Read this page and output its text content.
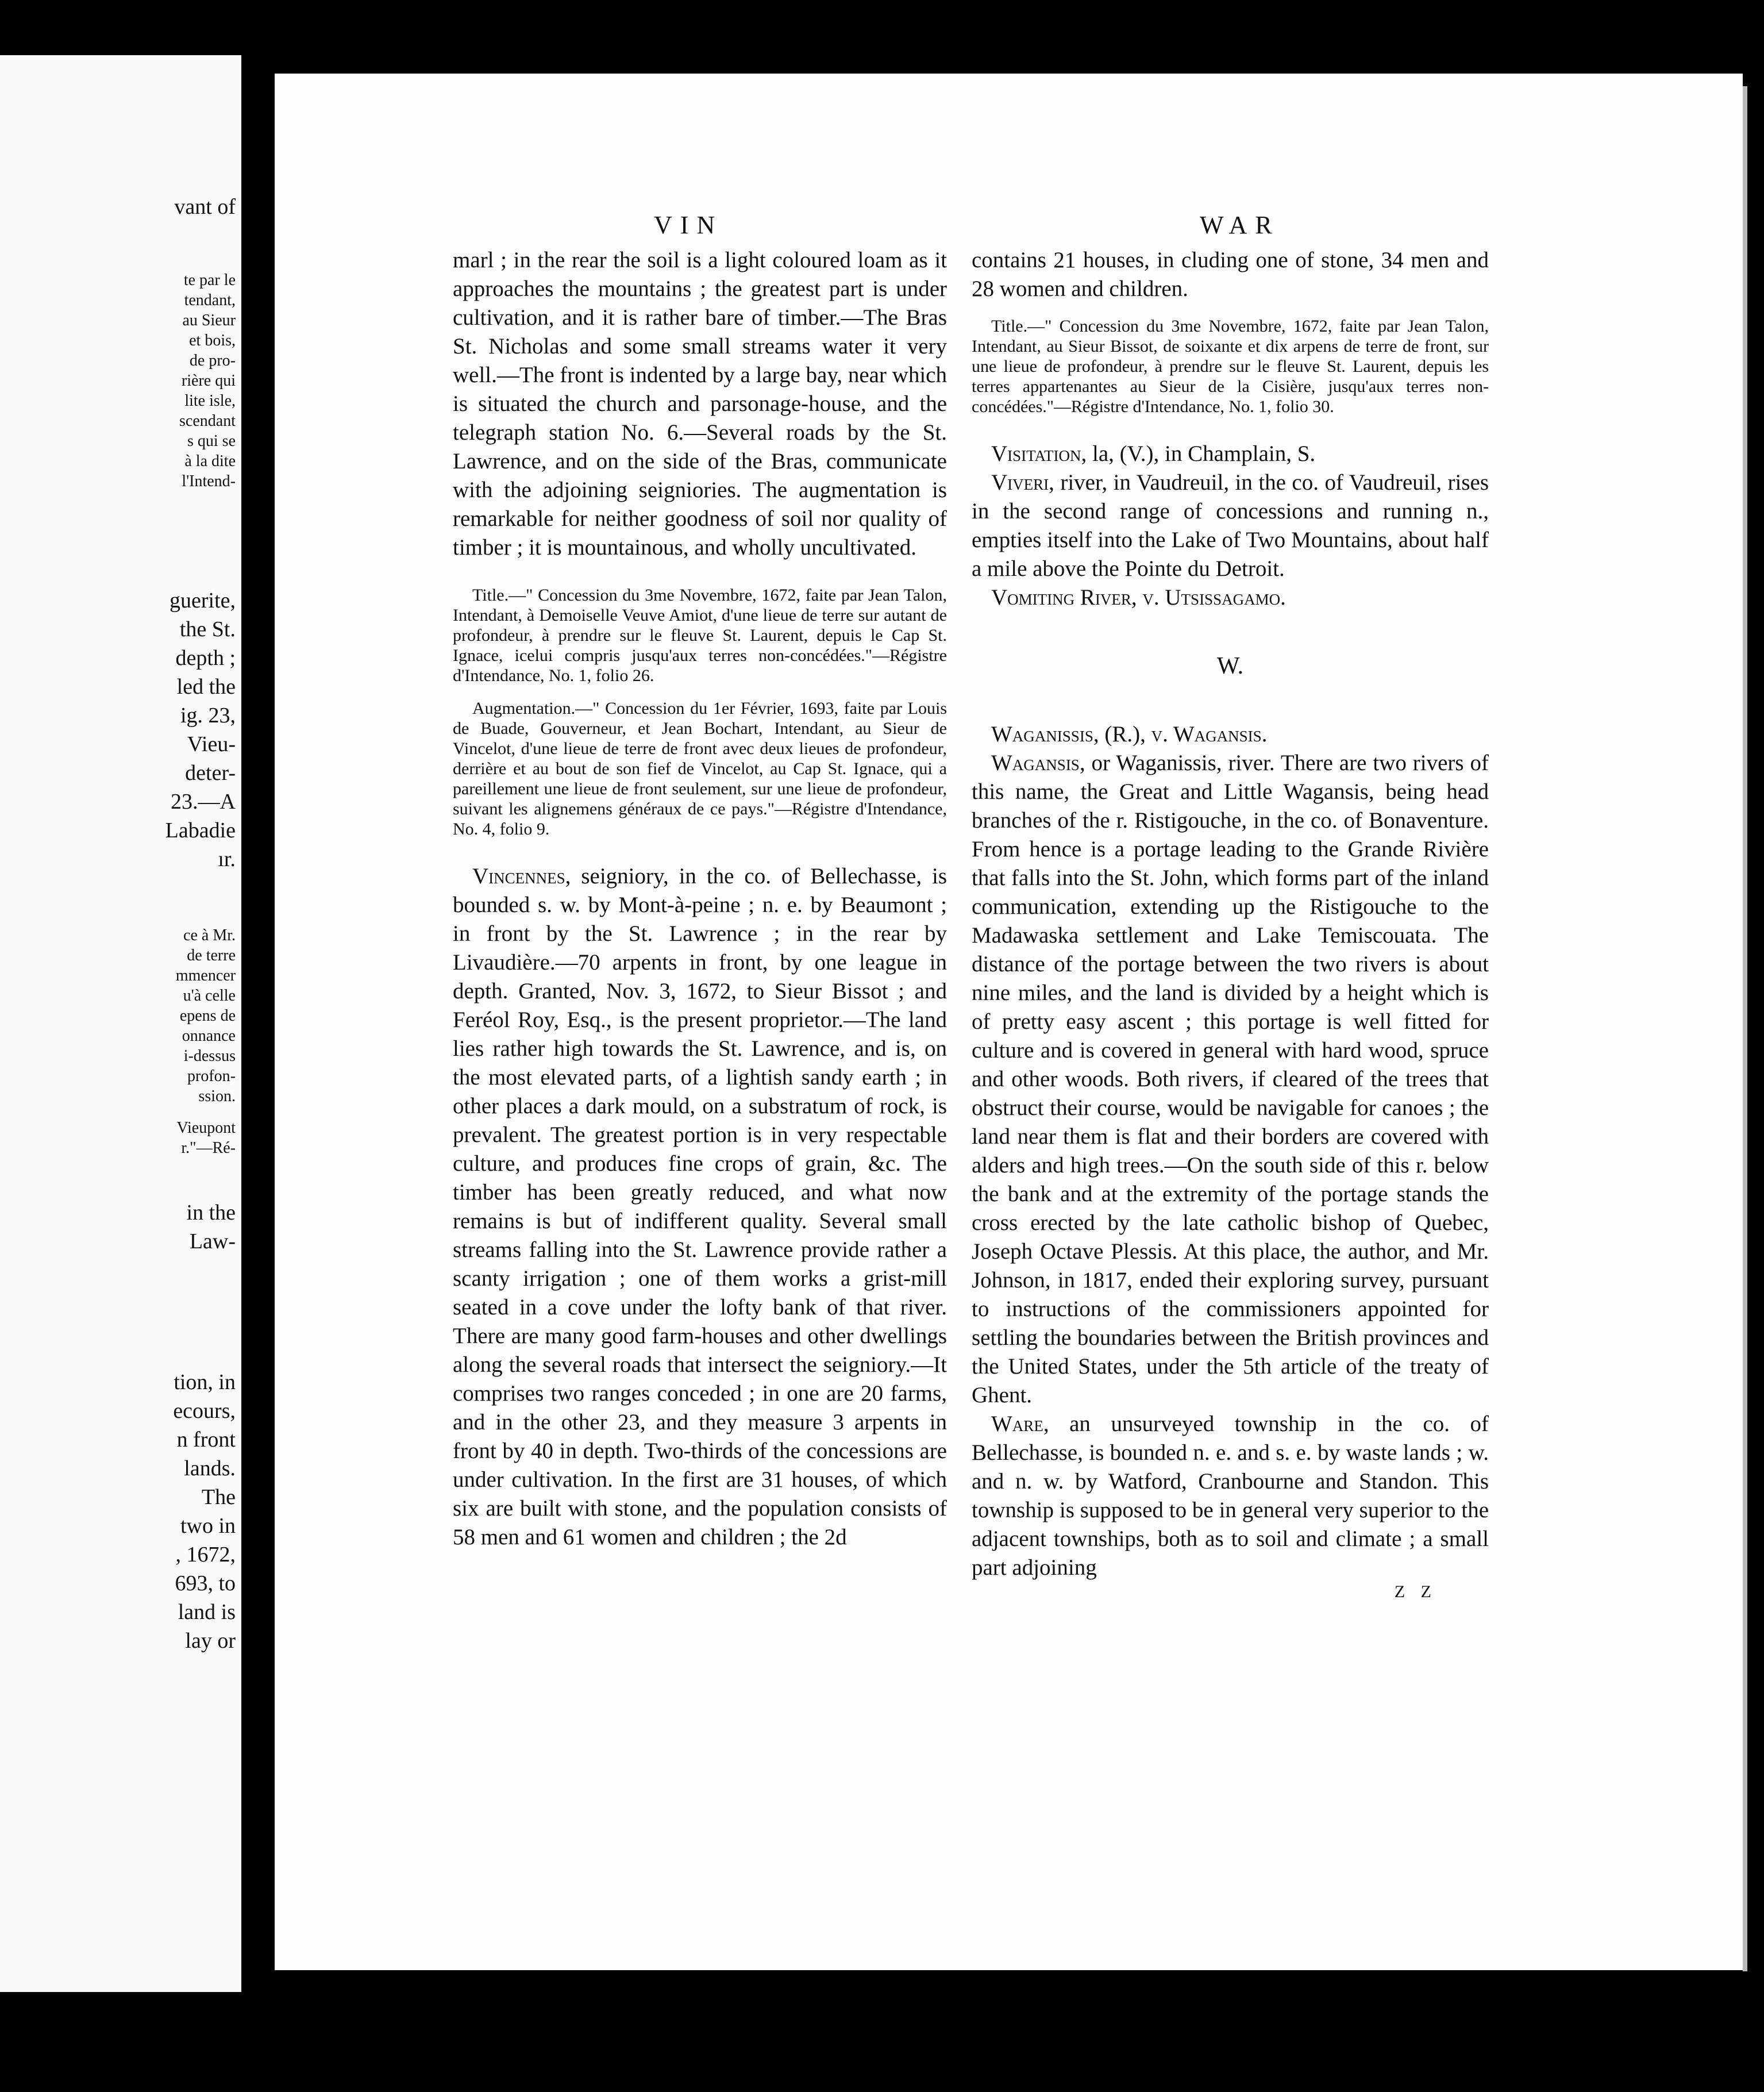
vant of
te par le
tendant,
au Sieur
et bois,
de pro-
rière qui
lite isle,
scendant
s qui se
à la dite
l'Intend-
guerite,
the St.
depth ;
led the
ig. 23,
Vieu-
deter-
23.—A
Labadie
ır.
ce à Mr.
de terre
mmencer
u'à celle
epens de
onnance
i-dessus
profon-
ssion.
Vieupont
r."—Ré-
in the
Law-
tion, in
ecours,
n front
lands.
The
two in
, 1672,
693, to
land is
lay or
VIN	WAR

marl ; in the rear the soil is a light coloured loam as it approaches the mountains ; the greatest part is under cultivation, and it is rather bare of timber.—The Bras St. Nicholas and some small streams water it very well.—The front is indented by a large bay, near which is situated the church and parsonage-house, and the telegraph station No. 6.—Several roads by the St. Lawrence, and on the side of the Bras, communicate with the adjoining seigniories. The augmentation is remarkable for neither goodness of soil nor quality of timber ; it is mountainous, and wholly uncultivated.

Title.—" Concession du 3me Novembre, 1672, faite par Jean Talon, Intendant, à Demoiselle Veuve Amiot, d'une lieue de terre sur autant de profondeur, à prendre sur le fleuve St. Laurent, depuis le Cap St. Ignace, icelui compris jusqu'aux terres non-concédées."—Régistre d'Intendance, No. 1, folio 26.

Augmentation.—" Concession du 1er Février, 1693, faite par Louis de Buade, Gouverneur, et Jean Bochart, Intendant, au Sieur de Vincelot, d'une lieue de terre de front avec deux lieues de profondeur, derrière et au bout de son fief de Vincelot, au Cap St. Ignace, qui a pareillement une lieue de front seulement, sur une lieue de profondeur, suivant les alignemens généraux de ce pays."—Régistre d'Intendance, No. 4, folio 9.

Vincennes, seigniory, in the co. of Bellechasse, is bounded s. w. by Mont-à-peine ; n. e. by Beaumont ; in front by the St. Lawrence ; in the rear by Livaudière.—70 arpents in front, by one league in depth. Granted, Nov. 3, 1672, to Sieur Bissot ; and Feréol Roy, Esq., is the present proprietor.—The land lies rather high towards the St. Lawrence, and is, on the most elevated parts, of a lightish sandy earth ; in other places a dark mould, on a substratum of rock, is prevalent. The greatest portion is in very respectable culture, and produces fine crops of grain, &c. The timber has been greatly reduced, and what now remains is but of indifferent quality. Several small streams falling into the St. Lawrence provide rather a scanty irrigation ; one of them works a grist-mill seated in a cove under the lofty bank of that river. There are many good farm-houses and other dwellings along the several roads that intersect the seigniory.—It comprises two ranges conceded ; in one are 20 farms, and in the other 23, and they measure 3 arpents in front by 40 in depth. Two-thirds of the concessions are under cultivation. In the first are 31 houses, of which six are built with stone, and the population consists of 58 men and 61 women and children ; the 2d

contains 21 houses, in cluding one of stone, 34 men and 28 women and children.

Title.—" Concession du 3me Novembre, 1672, faite par Jean Talon, Intendant, au Sieur Bissot, de soixante et dix arpens de terre de front, sur une lieue de profondeur, à prendre sur le fleuve St. Laurent, depuis les terres appartenantes au Sieur de la Cisière, jusqu'aux terres non-concédées."—Régistre d'Intendance, No. 1, folio 30.

Visitation, la, (V.), in Champlain, S.

Viveri, river, in Vaudreuil, in the co. of Vaudreuil, rises in the second range of concessions and running n., empties itself into the Lake of Two Mountains, about half a mile above the Pointe du Detroit.

Vomiting River, v. Utsissagamo.

W.

Waganissis, (R.), v. Wagansis.

Wagansis, or Waganissis, river. There are two rivers of this name, the Great and Little Wagansis, being head branches of the r. Ristigouche, in the co. of Bonaventure. From hence is a portage leading to the Grande Rivière that falls into the St. John, which forms part of the inland communication, extending up the Ristigouche to the Madawaska settlement and Lake Temiscouata. The distance of the portage between the two rivers is about nine miles, and the land is divided by a height which is of pretty easy ascent ; this portage is well fitted for culture and is covered in general with hard wood, spruce and other woods. Both rivers, if cleared of the trees that obstruct their course, would be navigable for canoes ; the land near them is flat and their borders are covered with alders and high trees.—On the south side of this r. below the bank and at the extremity of the portage stands the cross erected by the late catholic bishop of Quebec, Joseph Octave Plessis. At this place, the author, and Mr. Johnson, in 1817, ended their exploring survey, pursuant to instructions of the commissioners appointed for settling the boundaries between the British provinces and the United States, under the 5th article of the treaty of Ghent.

Ware, an unsurveyed township in the co. of Bellechasse, is bounded n. e. and s. e. by waste lands ; w. and n. w. by Watford, Cranbourne and Standon. This township is supposed to be in general very superior to the adjacent townships, both as to soil and climate ; a small part adjoining

Z Z
